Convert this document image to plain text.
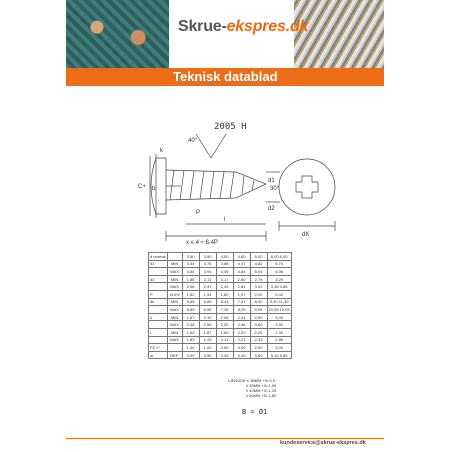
Skrue-ekspres.dk
Teknisk datablad
2005 H
40°
30°
x ≤ 4 ≈ 6.4P
l
dK
P
k
b
C+
d1
d2
d normal		3,50	3,90	4,00	4,80	5,00	6,00 6,00
d1	MIN	3,34	3,76	3,88	4,37	4,82	5,74
	MAX	3,54	3,94	4,05	4,64	5,04	6,06
d2	MIN	1,88	2,11	2,17	2,60	2,79	3,29
	MAX	2,06	2,37	2,40	2,84	3,02	3,38 3,88
P	±10%	1,52	1,94	1,80	1,97	2,02	2,02
dk	MIN	6,69	6,69	6,43	7,47	8,40	9,40 11,30
	MAX	6,89	6,95	7,25	8,25	9,05	10,05 12,05
k	MIN	1,87	2,10	2,08	2,34	2,60	3,00
	MAX	2,48	2,66	2,52	2,96	3,60	3,50
t	MIN	1,60	1,87	1,60	2,20	2,20	2,30
	MAX	1,83	1,43	2,11	2,21	2,33	2,89
PZ n°		1,00	1,00	2,00	3,00	2,00	3,00
m	REF.	3,90	3,90	3,40	4,40	5,60	5,10 5,85
LÆNGDE ≤ 38MM +0/-0,9
≤ 30MM +0/-1,05
≤ 40MM +0/-1,25
≤ 60MM +0/-1,80
B = Ø1
kundeservice@skrue-ekspres.dk
